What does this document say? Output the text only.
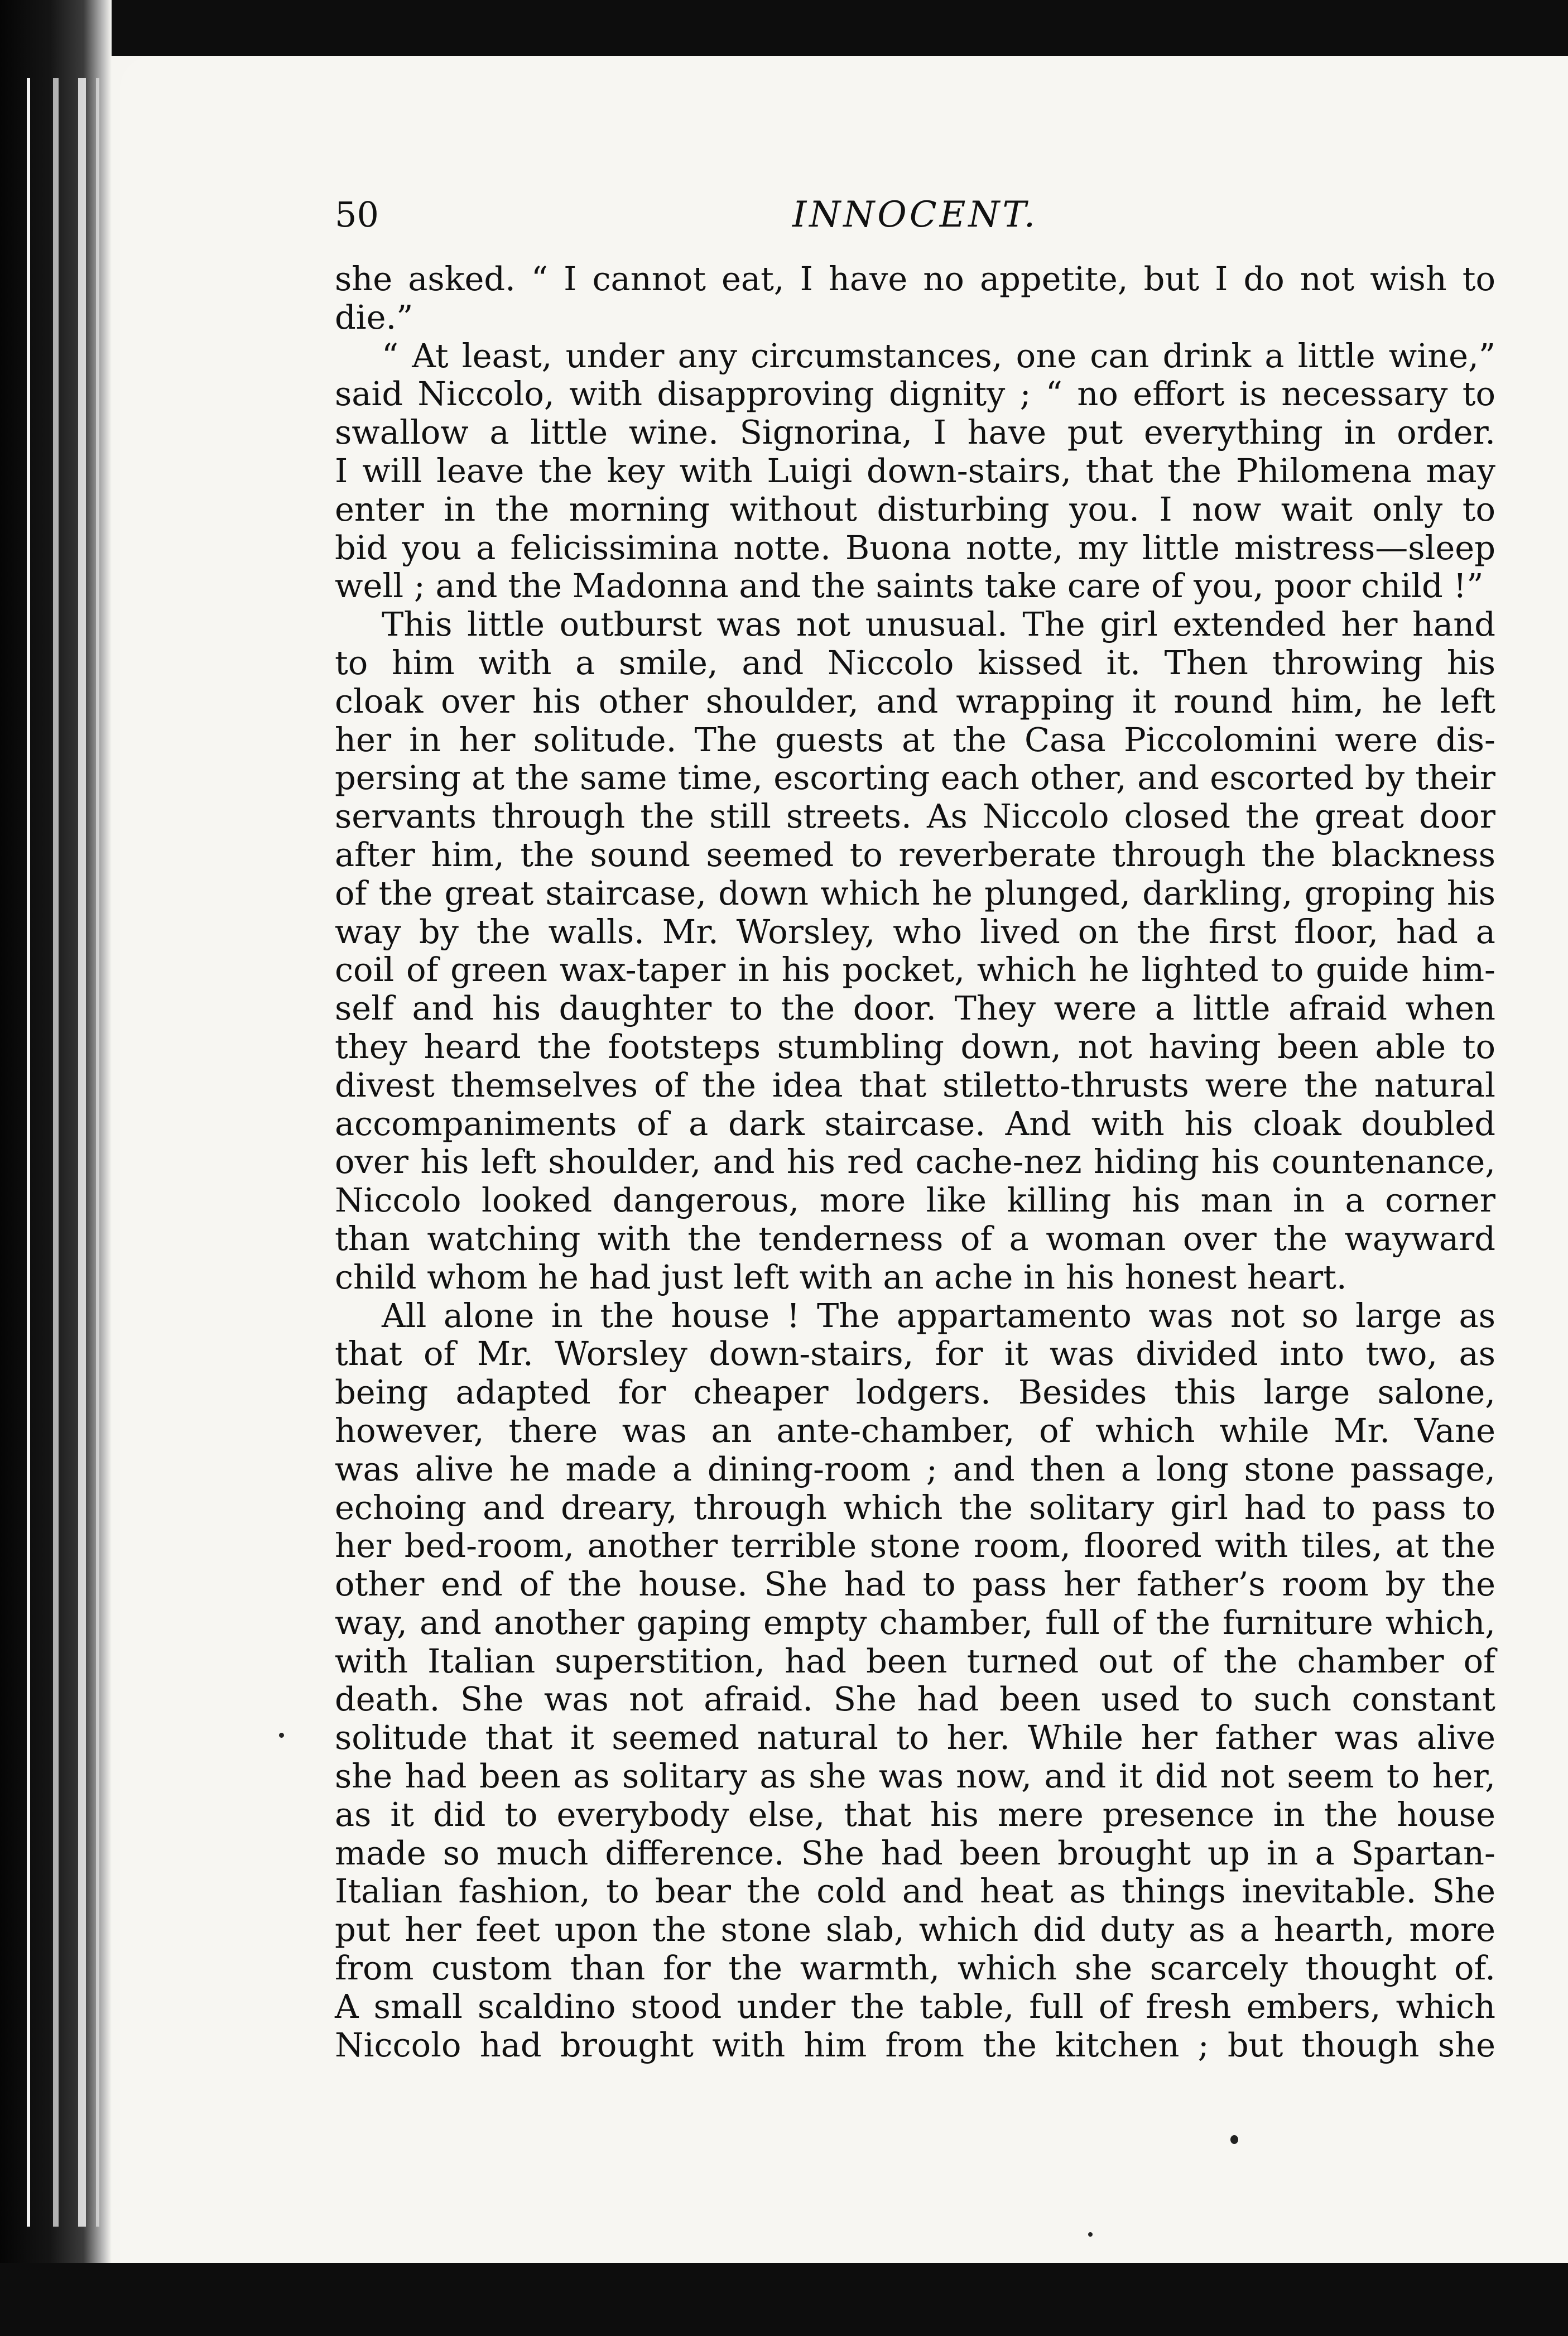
50	INNOCENT.
she asked. “ I cannot eat, I have no appetite, but I do not wish to
die.”
“ At least, under any circumstances, one can drink a little wine,”
said Niccolo, with disapproving dignity ; “ no effort is necessary to
swallow a little wine. Signorina, I have put everything in order.
I will leave the key with Luigi down-stairs, that the Philomena may
enter in the morning without disturbing you. I now wait only to
bid you a felicissimina notte. Buona notte, my little mistress—sleep
well ; and the Madonna and the saints take care of you, poor child !”
This little outburst was not unusual. The girl extended her hand
to him with a smile, and Niccolo kissed it. Then throwing his
cloak over his other shoulder, and wrapping it round him, he left
her in her solitude. The guests at the Casa Piccolomini were dis-
persing at the same time, escorting each other, and escorted by their
servants through the still streets. As Niccolo closed the great door
after him, the sound seemed to reverberate through the blackness
of the great staircase, down which he plunged, darkling, groping his
way by the walls. Mr. Worsley, who lived on the first floor, had a
coil of green wax-taper in his pocket, which he lighted to guide him-
self and his daughter to the door. They were a little afraid when
they heard the footsteps stumbling down, not having been able to
divest themselves of the idea that stiletto-thrusts were the natural
accompaniments of a dark staircase. And with his cloak doubled
over his left shoulder, and his red cache-nez hiding his countenance,
Niccolo looked dangerous, more like killing his man in a corner
than watching with the tenderness of a woman over the wayward
child whom he had just left with an ache in his honest heart.
All alone in the house ! The appartamento was not so large as
that of Mr. Worsley down-stairs, for it was divided into two, as
being adapted for cheaper lodgers. Besides this large salone,
however, there was an ante-chamber, of which while Mr. Vane
was alive he made a dining-room ; and then a long stone passage,
echoing and dreary, through which the solitary girl had to pass to
her bed-room, another terrible stone room, floored with tiles, at the
other end of the house. She had to pass her father’s room by the
way, and another gaping empty chamber, full of the furniture which,
with Italian superstition, had been turned out of the chamber of
death. She was not afraid. She had been used to such constant
solitude that it seemed natural to her. While her father was alive
she had been as solitary as she was now, and it did not seem to her,
as it did to everybody else, that his mere presence in the house
made so much difference. She had been brought up in a Spartan-
Italian fashion, to bear the cold and heat as things inevitable. She
put her feet upon the stone slab, which did duty as a hearth, more
from custom than for the warmth, which she scarcely thought of.
A small scaldino stood under the table, full of fresh embers, which
Niccolo had brought with him from the kitchen ; but though she
